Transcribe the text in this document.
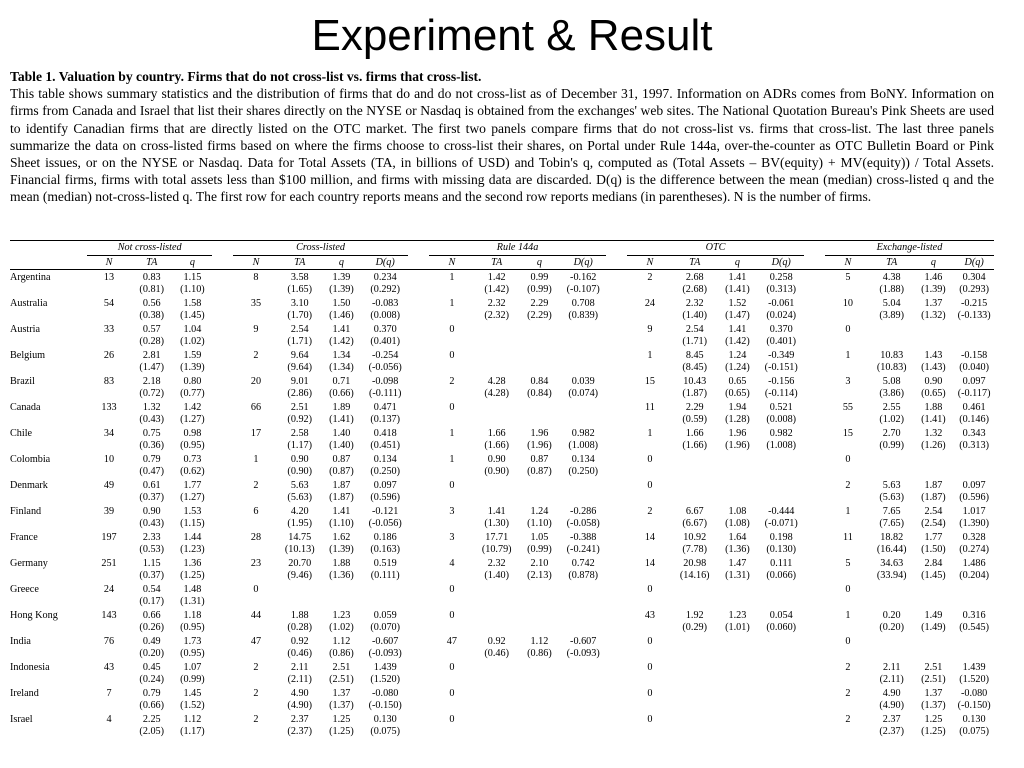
Experiment & Result
Table 1. Valuation by country. Firms that do not cross-list vs. firms that cross-list.
This table shows summary statistics and the distribution of firms that do and do not cross-list as of December 31, 1997. Information on ADRs comes from BoNY. Information on firms from Canada and Israel that list their shares directly on the NYSE or Nasdaq is obtained from the exchanges' web sites. The National Quotation Bureau's Pink Sheets are used to identify Canadian firms that are directly listed on the OTC market. The first two panels compare firms that do not cross-list vs. firms that cross-list. The last three panels summarize the data on cross-listed firms based on where the firms choose to cross-list their shares, on Portal under Rule 144a, over-the-counter as OTC Bulletin Board or Pink Sheet issues, or on the NYSE or Nasdaq. Data for Total Assets (TA, in billions of USD) and Tobin's q, computed as (Total Assets – BV(equity) + MV(equity)) / Total Assets. Financial firms, firms with total assets less than $100 million, and firms with missing data are discarded. D(q) is the difference between the mean (median) cross-listed q and the mean (median) not-cross-listed q. The first row for each country reports means and the second row reports medians (in parentheses). N is the number of firms.

	Not cross-listed				Cross-listed					Rule 144a					OTC					Exchange-listed			
	N	TA	q		N	TA	q	D(q)		N	TA	q	D(q)		N	TA	q	D(q)		N	TA	q	D(q)
Argentina	13	0.83	1.15		8	3.58	1.39	0.234		1	1.42	0.99	-0.162		2	2.68	1.41	0.258		5	4.38	1.46	0.304
		(0.81)	(1.10)			(1.65)	(1.39)	(0.292)			(1.42)	(0.99)	(-0.107)			(2.68)	(1.41)	(0.313)			(1.88)	(1.39)	(0.293)
Australia	54	0.56	1.58		35	3.10	1.50	-0.083		1	2.32	2.29	0.708		24	2.32	1.52	-0.061		10	5.04	1.37	-0.215
		(0.38)	(1.45)			(1.70)	(1.46)	(0.008)			(2.32)	(2.29)	(0.839)			(1.40)	(1.47)	(0.024)			(3.89)	(1.32)	(-0.133)
Austria	33	0.57	1.04		9	2.54	1.41	0.370		0					9	2.54	1.41	0.370		0			
		(0.28)	(1.02)			(1.71)	(1.42)	(0.401)								(1.71)	(1.42)	(0.401)					
Belgium	26	2.81	1.59		2	9.64	1.34	-0.254		0					1	8.45	1.24	-0.349		1	10.83	1.43	-0.158
		(1.47)	(1.39)			(9.64)	(1.34)	(-0.056)								(8.45)	(1.24)	(-0.151)			(10.83)	(1.43)	(0.040)
Brazil	83	2.18	0.80		20	9.01	0.71	-0.098		2	4.28	0.84	0.039		15	10.43	0.65	-0.156		3	5.08	0.90	0.097
		(0.72)	(0.77)			(2.86)	(0.66)	(-0.111)			(4.28)	(0.84)	(0.074)			(1.87)	(0.65)	(-0.114)			(3.86)	(0.65)	(-0.117)
Canada	133	1.32	1.42		66	2.51	1.89	0.471		0					11	2.29	1.94	0.521		55	2.55	1.88	0.461
		(0.43)	(1.27)			(0.92)	(1.41)	(0.137)								(0.59)	(1.28)	(0.008)			(1.02)	(1.41)	(0.146)
Chile	34	0.75	0.98		17	2.58	1.40	0.418		1	1.66	1.96	0.982		1	1.66	1.96	0.982		15	2.70	1.32	0.343
		(0.36)	(0.95)			(1.17)	(1.40)	(0.451)			(1.66)	(1.96)	(1.008)			(1.66)	(1.96)	(1.008)			(0.99)	(1.26)	(0.313)
Colombia	10	0.79	0.73		1	0.90	0.87	0.134		1	0.90	0.87	0.134		0					0			
		(0.47)	(0.62)			(0.90)	(0.87)	(0.250)			(0.90)	(0.87)	(0.250)										
Denmark	49	0.61	1.77		2	5.63	1.87	0.097		0					0					2	5.63	1.87	0.097
		(0.37)	(1.27)			(5.63)	(1.87)	(0.596)													(5.63)	(1.87)	(0.596)
Finland	39	0.90	1.53		6	4.20	1.41	-0.121		3	1.41	1.24	-0.286		2	6.67	1.08	-0.444		1	7.65	2.54	1.017
		(0.43)	(1.15)			(1.95)	(1.10)	(-0.056)			(1.30)	(1.10)	(-0.058)			(6.67)	(1.08)	(-0.071)			(7.65)	(2.54)	(1.390)
France	197	2.33	1.44		28	14.75	1.62	0.186		3	17.71	1.05	-0.388		14	10.92	1.64	0.198		11	18.82	1.77	0.328
		(0.53)	(1.23)			(10.13)	(1.39)	(0.163)			(10.79)	(0.99)	(-0.241)			(7.78)	(1.36)	(0.130)			(16.44)	(1.50)	(0.274)
Germany	251	1.15	1.36		23	20.70	1.88	0.519		4	2.32	2.10	0.742		14	20.98	1.47	0.111		5	34.63	2.84	1.486
		(0.37)	(1.25)			(9.46)	(1.36)	(0.111)			(1.40)	(2.13)	(0.878)			(14.16)	(1.31)	(0.066)			(33.94)	(1.45)	(0.204)
Greece	24	0.54	1.48		0					0					0					0			
		(0.17)	(1.31)																				
Hong Kong	143	0.66	1.18		44	1.88	1.23	0.059		0					43	1.92	1.23	0.054		1	0.20	1.49	0.316
		(0.26)	(0.95)			(0.28)	(1.02)	(0.070)								(0.29)	(1.01)	(0.060)			(0.20)	(1.49)	(0.545)
India	76	0.49	1.73		47	0.92	1.12	-0.607		47	0.92	1.12	-0.607		0					0			
		(0.20)	(0.95)			(0.46)	(0.86)	(-0.093)			(0.46)	(0.86)	(-0.093)										
Indonesia	43	0.45	1.07		2	2.11	2.51	1.439		0					0					2	2.11	2.51	1.439
		(0.24)	(0.99)			(2.11)	(2.51)	(1.520)													(2.11)	(2.51)	(1.520)
Ireland	7	0.79	1.45		2	4.90	1.37	-0.080		0					0					2	4.90	1.37	-0.080
		(0.66)	(1.52)			(4.90)	(1.37)	(-0.150)													(4.90)	(1.37)	(-0.150)
Israel	4	2.25	1.12		2	2.37	1.25	0.130		0					0					2	2.37	1.25	0.130
		(2.05)	(1.17)			(2.37)	(1.25)	(0.075)													(2.37)	(1.25)	(0.075)
